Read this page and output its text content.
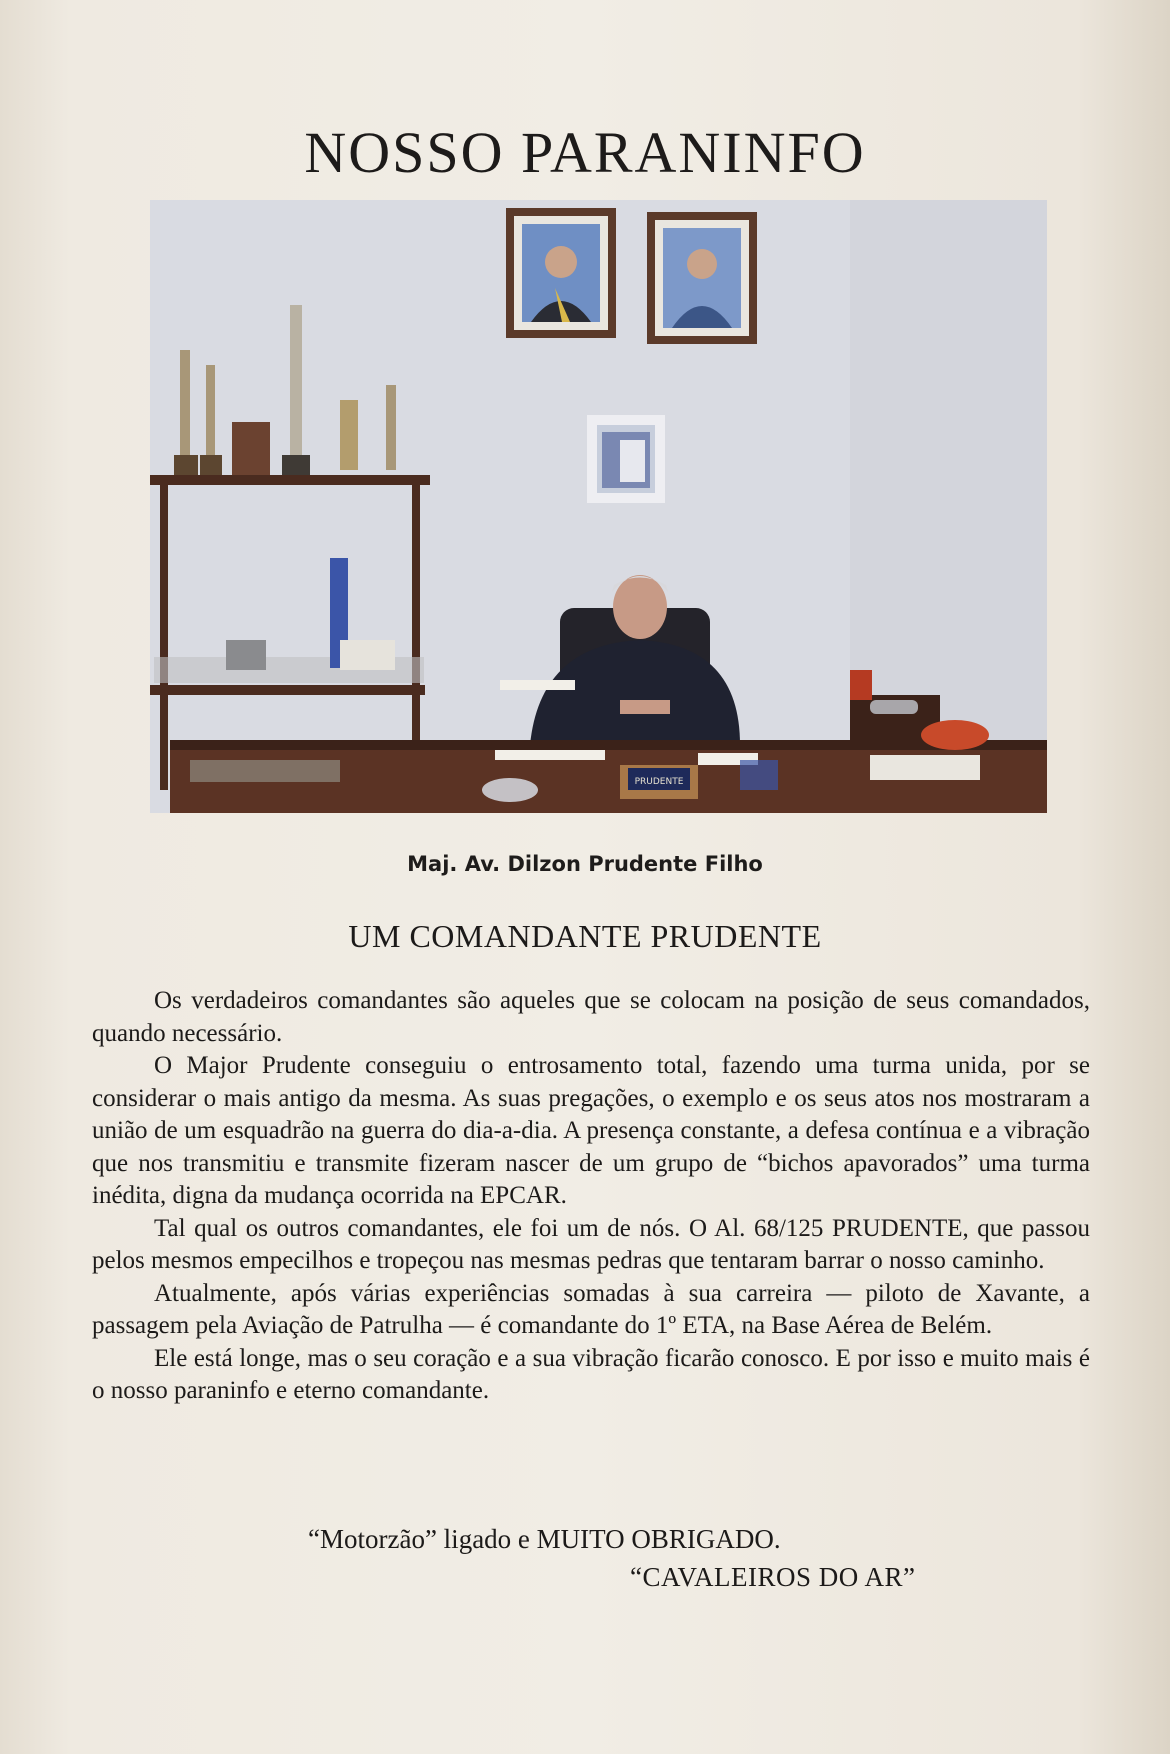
NOSSO PARANINFO
PRUDENTE
Maj. Av. Dilzon Prudente Filho
UM COMANDANTE PRUDENTE

Os verdadeiros comandantes são aqueles que se colocam na posição de seus comandados, quando necessário.

O Major Prudente conseguiu o entrosamento total, fazendo uma turma unida, por se considerar o mais antigo da mesma. As suas pregações, o exemplo e os seus atos nos mostraram a união de um esquadrão na guerra do dia-a-dia. A presença constante, a defesa contínua e a vibração que nos transmitiu e transmite fizeram nascer de um grupo de “bichos apavorados” uma turma inédita, digna da mudança ocorrida na EPCAR.

Tal qual os outros comandantes, ele foi um de nós. O Al. 68/125 PRUDENTE, que passou pelos mesmos empecilhos e tropeçou nas mesmas pedras que tentaram barrar o nosso caminho.

Atualmente, após várias experiências somadas à sua carreira — piloto de Xavante, a passagem pela Aviação de Patrulha — é comandante do 1º ETA, na Base Aérea de Belém.

Ele está longe, mas o seu coração e a sua vibração ficarão conosco. E por isso e muito mais é o nosso paraninfo e eterno comandante.

“Motorzão” ligado e MUITO OBRIGADO.
“CAVALEIROS DO AR”
